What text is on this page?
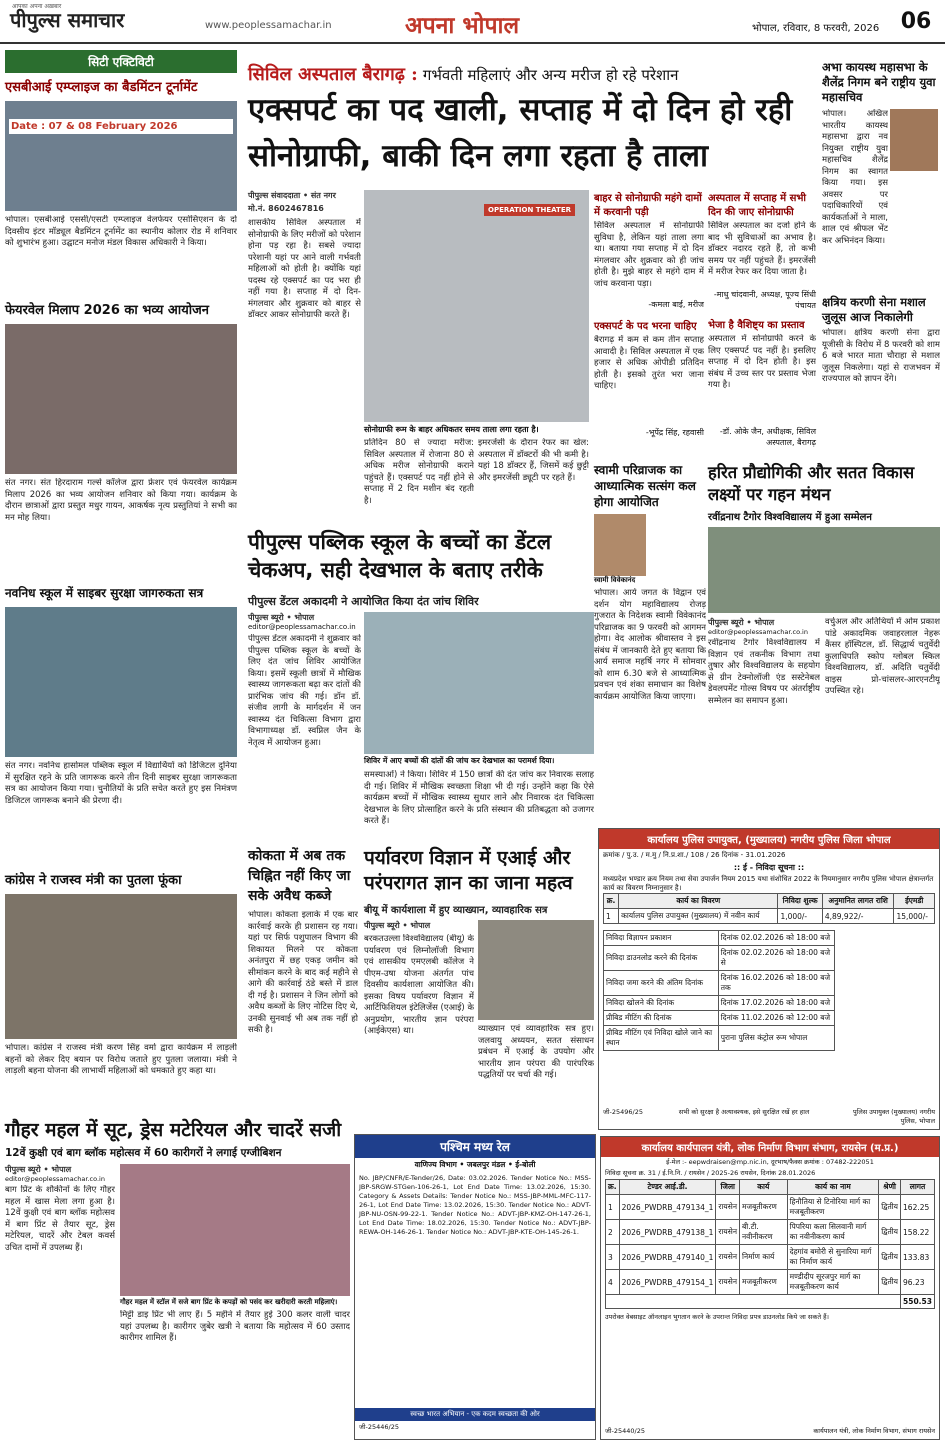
आपका अपना अख़बार
पीपुल्स समाचार	www.peoplessamachar.in	अपना भोपाल	भोपाल, रविवार, 8 फरवरी, 2026 06
सिटी एक्टिविटी
एसबीआई एम्प्लाइज का बैडमिंटन टूर्नामेंट
Date : 07 & 08 February 2026
भोपाल। एसबीआई एससी/एसटी एम्प्लाइज वेलफेयर एसोसिएशन के दो दिवसीय इंटर मॉड्यूल बैडमिंटन टूर्नामेंट का स्थानीय कोलार रोड में शनिवार को शुभारंभ हुआ। उद्घाटन मनोज मंडल विकास अधिकारी ने किया।
फेयरवेल मिलाप 2026 का भव्य आयोजन
संत नगर। संत हिरदाराम गर्ल्स कॉलेज द्वारा फ्रेशर एवं फेयरवेल कार्यक्रम मिलाप 2026 का भव्य आयोजन शनिवार को किया गया। कार्यक्रम के दौरान छात्राओं द्वारा प्रस्तुत मधुर गायन, आकर्षक नृत्य प्रस्तुतियां ने सभी का मन मोह लिया।
नवनिध स्कूल में साइबर सुरक्षा जागरुकता सत्र
संत नगर। नवनिध हासोमल पब्लिक स्कूल में विद्यार्थियों को डिजिटल दुनिया में सुरक्षित रहने के प्रति जागरूक करने तीन दिनी साइबर सुरक्षा जागरूकता सत्र का आयोजन किया गया। चुनौतियों के प्रति सचेत करते हुए इस निमंत्रण डिजिटल जागरूक बनाने की प्रेरणा दी।
कांग्रेस ने राजस्व मंत्री का पुतला फूंका
भोपाल। कांग्रेस ने राजस्व मंत्री करण सिंह वर्मा द्वारा कार्यक्रम में लाड़ली बहनों को लेकर दिए बयान पर विरोध जताते हुए पुतला जलाया। मंत्री ने लाड़ली बहना योजना की लाभार्थी महिलाओं को धमकाते हुए कहा था।
सिविल अस्पताल बैरागढ़ : गर्भवती महिलाएं और अन्य मरीज हो रहे परेशान
एक्सपर्ट का पद खाली, सप्ताह में दो दिन हो रही
सोनोग्राफी, बाकी दिन लगा रहता है ताला
पीपुल्स संवाददाता • संत नगर
मो.नं. 8602467816
शासकीय सिविल अस्पताल में सोनोग्राफी के लिए मरीजों को परेशान होना पड़ रहा है। सबसे ज्यादा परेशानी यहां पर आने वाली गर्भवती महिलाओं को होती है। क्योंकि यहां पदस्थ रहे एक्सपर्ट का पद भरा ही नहीं गया है। सप्ताह में दो दिन- मंगलवार और शुक्रवार को बाहर से डॉक्टर आकर सोनोग्राफी करते हैं।
OPERATION THEATER
सोनोग्राफी रूम के बाहर अधिकतर समय ताला लगा रहता है।
प्रतिदिन 80 से ज्यादा मरीज: सिविल अस्पताल में रोजाना 80 से अधिक मरीज सोनोग्राफी कराने पहुंचते हैं। एक्सपर्ट पद नहीं होने से सप्ताह में 2 दिन मशीन बंद रहती है।
इमरजेंसी के दौरान रेफर का खेल: अस्पताल में डॉक्टरों की भी कमी है। यहां 18 डॉक्टर हैं, जिसमें कई छुट्टी और इमरजेंसी ड्यूटी पर रहते हैं।
बाहर से सोनोग्राफी महंगे दामों में करवानी पड़ी
सिविल अस्पताल में सोनोग्राफी सुविधा है, लेकिन यहां ताला लगा था। बताया गया सप्ताह में दो दिन मंगलवार और शुक्रवार को ही जांच होती है। मुझे बाहर से महंगे दाम में जांच करवाना पड़ा।
-कमला बाई, मरीज
एक्सपर्ट के पद भरना चाहिए
बैरागढ़ में कम से कम तीन सप्ताह आवादी है। सिविल अस्पताल में एक हजार से अधिक ओपीडी प्रतिदिन होती है। इसको तुरंत भरा जाना चाहिए।
-भूपेंद्र सिंह, रहवासी
अस्पताल में सप्ताह में सभी दिन की जाए सोनोग्राफी
सिविल अस्पताल का दर्जा होने के बाद भी सुविधाओं का अभाव है। डॉक्टर नदारद रहते हैं, तो कभी समय पर नहीं पहुंचते हैं। इमरजेंसी में मरीज रेफर कर दिया जाता है।
-माधु चांदवानी, अध्यक्ष, पूज्य सिंधी पंचायत
भेजा है वैशिष्ट्य का प्रस्ताव
अस्पताल में सोनोग्राफी करने के लिए एक्सपर्ट पद नहीं है। इसलिए सप्ताह में दो दिन होती है। इस संबंध में उच्च स्तर पर प्रस्ताव भेजा गया है।
-डॉ. ओके जैन, अधीक्षक, सिविल अस्पताल, बैरागढ़
अभा कायस्थ महासभा के शैलेंद्र निगम बने राष्ट्रीय युवा महासचिव
भोपाल। अखिल भारतीय कायस्थ महासभा द्वारा नव नियुक्त राष्ट्रीय युवा महासचिव शैलेंद्र निगम का स्वागत किया गया। इस अवसर पर पदाधिकारियों एवं कार्यकर्ताओं ने माला, शाल एवं श्रीफल भेंट कर अभिनंदन किया।
क्षत्रिय करणी सेना मशाल जुलूस आज निकालेगी
भोपाल। क्षत्रिय करणी सेना द्वारा यूजीसी के विरोध में 8 फरवरी को शाम 6 बजे भारत माता चौराहा से मशाल जुलूस निकलेगा। यहां से राजभवन में राज्यपाल को ज्ञापन देंगे।
पीपुल्स पब्लिक स्कूल के बच्चों का डेंटल चेकअप, सही देखभाल के बताए तरीके
पीपुल्स डेंटल अकादमी ने आयोजित किया दंत जांच शिविर
पीपुल्स ब्यूरो • भोपाल
editor@peoplessamachar.co.in
पीपुल्स डेंटल अकादमी ने शुक्रवार को पीपुल्स पब्लिक स्कूल के बच्चों के लिए दंत जांच शिविर आयोजित किया। इसमें स्कूली छात्रों में मौखिक स्वास्थ्य जागरूकता बढ़ा कर दांतों की प्रारंभिक जांच की गई। डॉन डॉ. संजीव लागी के मार्गदर्शन में जन स्वास्थ्य दंत चिकित्सा विभाग द्वारा विभागाध्यक्ष डॉ. स्वप्निल जैन के नेतृत्व में आयोजन हुआ।
शिविर में आए बच्चों की दांतों की जांच कर देखभाल का परामर्श दिया।
समस्याओं) ने किया। शिविर में 150 छात्रों की दंत जांच कर निवारक सलाह दी गई। शिविर में मौखिक स्वच्छता शिक्षा भी दी गई। उन्होंने कहा कि ऐसे कार्यक्रम बच्चों में मौखिक स्वास्थ्य सुधार लाने और निवारक दंत चिकित्सा देखभाल के लिए प्रोत्साहित करने के प्रति संस्थान की प्रतिबद्धता को उजागर करते हैं।
कोकता में अब तक चिह्नित नहीं किए जा सके अवैध कब्जे
भोपाल। कोकता इलाके में एक बार कार्रवाई करके ही प्रशासन रह गया। यहां पर सिर्फ पशुपालन विभाग की शिकायत मिलने पर कोकता अनंतपुरा में छह एकड़ जमीन को सीमांकन करने के बाद कई महीने से आगे की कार्रवाई ठंडे बस्ते में डाल दी गई है। प्रशासन ने जिन लोगों को अवैध कब्जों के लिए नोटिस दिए थे, उनकी सुनवाई भी अब तक नहीं हो सकी है।
पर्यावरण विज्ञान में एआई और परंपरागत ज्ञान का जाना महत्व
बीयू में कार्यशाला में हुए व्याख्यान, व्यावहारिक सत्र
पीपुल्स ब्यूरो • भोपाल
बरकतउल्ला विश्वविद्यालय (बीयू) के पर्यावरण एवं लिम्नोलॉजी विभाग एवं शासकीय एमएलबी कॉलेज ने पीएम-उषा योजना अंतर्गत पांच दिवसीय कार्यशाला आयोजित की। इसका विषय पर्यावरण विज्ञान में आर्टिफिशियल इंटेलिजेंस (एआई) के अनुप्रयोग, भारतीय ज्ञान परंपरा (आईकेएस) था।	व्याख्यान एवं व्यावहारिक सत्र हुए। जलवायु अध्ययन, सतत संसाधन प्रबंधन में एआई के उपयोग और भारतीय ज्ञान परंपरा की पारंपरिक पद्धतियों पर चर्चा की गई।
स्वामी परिव्राजक का आध्यात्मिक सत्संग कल होगा आयोजित
स्वामी विवेकानंद
भोपाल। आर्य जगत के विद्वान एवं दर्शन योग महाविद्यालय रोजड़ गुजरात के निदेशक स्वामी विवेकानंद परिव्राजक का 9 फरवरी को आगमन होगा। वेद आलोक श्रीवास्तव ने इस संबंध में जानकारी देते हुए बताया कि आर्य समाज महर्षि नगर में सोमवार को शाम 6.30 बजे से आध्यात्मिक प्रवचन एवं शंका समाधान का विशेष कार्यक्रम आयोजित किया जाएगा।
हरित प्रौद्योगिकी और सतत विकास लक्ष्यों पर गहन मंथन
रवींद्रनाथ टैगोर विश्वविद्यालय में हुआ सम्मेलन
पीपुल्स ब्यूरो • भोपाल
editor@peoplessamachar.co.in
रवींद्रनाथ टैगोर विश्वविद्यालय में विज्ञान एवं तकनीक विभाग तथा तुषार और विश्वविद्यालय के सहयोग से ग्रीन टेक्नोलॉजी एंड सस्टेनेबल डेवलपमेंट गोल्स विषय पर अंतर्राष्ट्रीय सम्मेलन का समापन हुआ।
वर्चुअल और अतिथियों में ओम प्रकाश पांडे अकादमिक जवाहरलाल नेहरू कैंसर हॉस्पिटल, डॉ. सिद्धार्थ चतुर्वेदी कुलाधिपति स्कोप ग्लोबल स्किल विश्वविद्यालय, डॉ. अदिति चतुर्वेदी वाइस प्रो-चांसलर-आरएनटीयू उपस्थित रहे।
कार्यालय पुलिस उपायुक्त, (मुख्यालय) नगरीय पुलिस जिला भोपाल
क्रमांक / पु.उ. / म.मु / नि.प्र.शा./ 108 / 26 दिनांक - 31.01.2026
:: ई - निविदा सूचना ::
मध्यप्रदेश भण्डार क्रय नियम तथा सेवा उपार्जन नियम 2015 यथा संशोधित 2022 के नियमानुसार नगरीय पुलिस भोपाल क्षेत्रान्तर्गत कार्य का विवरण निम्नानुसार है।
क्र.	कार्य का विवरण	निविदा शुल्क	अनुमानित लागत राशि	ईएमडी
1	कार्यालय पुलिस उपायुक्त (मुख्यालय) में नवीन कार्य	1,000/-	4,89,922/-	15,000/-
निविदा विज्ञापन प्रकाशन	दिनांक 02.02.2026 को 18:00 बजे
निविदा डाउनलोड करने की दिनांक	दिनांक 02.02.2026 को 18:00 बजे से
निविदा जमा करने की अंतिम दिनांक	दिनांक 16.02.2026 को 18:00 बजे तक
निविदा खोलने की दिनांक	दिनांक 17.02.2026 को 18:00 बजे
प्रीबिड मीटिंग की दिनांक	दिनांक 11.02.2026 को 12:00 बजे
प्रीबिड मीटिंग एवं निविदा खोले जाने का स्थान	पुराना पुलिस कंट्रोल रूम भोपाल
जी-25496/25	सभी को सुरक्षा है अत्यावश्यक, इसे सुरक्षित रखें हर हाल	पुलिस उपायुक्त (मुख्यालय) नगरीय पुलिस, भोपाल
गौहर महल में सूट, ड्रेस मटेरियल और चादरें सजी
12वें कुक्षी एवं बाग ब्लॉक महोत्सव में 60 कारीगरों ने लगाई एग्जीबिशन
पीपुल्स ब्यूरो • भोपाल
editor@peoplessamachar.co.in
बाग प्रिंट के शौकीनों के लिए गौहर महल में खास मेला लगा हुआ है। 12वें कुक्षी एवं बाग ब्लॉक महोत्सव में बाग प्रिंट से तैयार सूट, ड्रेस मटेरियल, चादरें और टेबल कवर्स उचित दामों में उपलब्ध हैं।
गौहर महल में स्टॉल में सजे बाग प्रिंट के कपड़ों को पसंद कर खरीदारी करती महिलाएं।
मिट्टी डाइ प्रिंट भी लाए हैं। 5 महीने में तैयार हुई 300 कलर वाली चादर यहां उपलब्ध है। कारीगर जुबेर खत्री ने बताया कि महोत्सव में 60 उस्ताद कारीगर शामिल हैं।
पश्चिम मध्य रेल
वाणिज्य विभाग • जबलपुर मंडल • ई-बोली
No. JBP/CNFR/E-Tender/26, Date: 03.02.2026. Tender Notice No.: MSS-JBP-SRGW-STGen-106-26-1, Lot End Date Time: 13.02.2026, 15:30. Category & Assets Details: Tender Notice No.: MSS-JBP-MML-MFC-117-26-1, Lot End Date Time: 13.02.2026, 15:30. Tender Notice No.: ADVT-JBP-NU-OSN-99-22-1. Tender Notice No.: ADVT-JBP-KMZ-OH-147-26-1, Lot End Date Time: 18.02.2026, 15:30. Tender Notice No.: ADVT-JBP-REWA-OH-146-26-1. Tender Notice No.: ADVT-JBP-KTE-OH-145-26-1.
स्वच्छ भारत अभियान - एक कदम स्वच्छता की ओर
जी-25446/25
कार्यालय कार्यपालन यंत्री, लोक निर्माण विभाग संभाग, रायसेन (म.प्र.)
ई-मेल :- eepwdraisen@mp.nic.in, दूरभाष/फैक्स क्रमांक : 07482-222051
निविदा सूचना क्र. 31 / ई.नि.नि. / रायसेन / 2025-26 रायसेन, दिनांक 28.01.2026
क्र.	टेण्डर आई.डी.	जिला	कार्य	कार्य का नाम	श्रेणी	लागत
1	2026_PWDRB_479134_1	रायसेन	मजबूतीकरण	हिनौतिया से टिनोरिया मार्ग का मजबूतीकरण	द्वितीय	162.25
2	2026_PWDRB_479138_1	रायसेन	बी.टी. नवीनीकरण	पिपरिया कला सिलवानी मार्ग का नवीनीकरण कार्य	द्वितीय	158.22
3	2026_PWDRB_479140_1	रायसेन	निर्माण कार्य	देहगांव बमोरी से सुनारिया मार्ग का निर्माण कार्य	द्वितीय	133.83
4	2026_PWDRB_479154_1	रायसेन	मजबूतीकरण	मण्डीदीप सूरजपुर मार्ग का मजबूतीकरण कार्य	द्वितीय	96.23
						550.53
उपरोक्त वेबसाइट ऑनलाइन भुगतान करने के उपरान्त निविदा प्रपत्र डाउनलोड किये जा सकते हैं।
जी-25440/25	कार्यपालन यंत्री, लोक निर्माण विभाग, संभाग रायसेन
